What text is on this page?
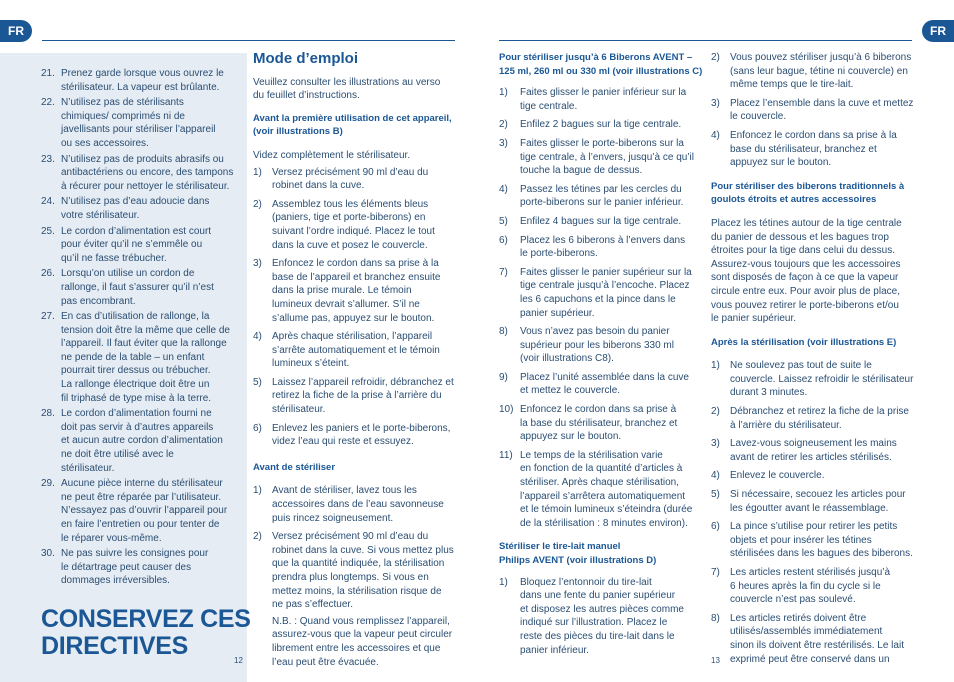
FR	FR
21. Prenez garde lorsque vous ouvrez le
stérilisateur. La vapeur est brûlante.
22. N’utilisez pas de stérilisants
chimiques/ comprimés ni de
javellisants pour stériliser l’appareil
ou ses accessoires.
23. N’utilisez pas de produits abrasifs ou
antibactériens ou encore, des tampons
à récurer pour nettoyer le stérilisateur.
24. N’utilisez pas d’eau adoucie dans
votre stérilisateur.
25. Le cordon d’alimentation est court
pour éviter qu’il ne s’emmêle ou
qu’il ne fasse trébucher.
26. Lorsqu’on utilise un cordon de
rallonge, il faut s’assurer qu’il n’est
pas encombrant.
27. En cas d’utilisation de rallonge, la
tension doit être la même que celle de
l’appareil. Il faut éviter que la rallonge
ne pende de la table – un enfant
pourrait tirer dessus ou trébucher.
La rallonge électrique doit être un
fil triphasé de type mise à la terre.
28. Le cordon d’alimentation fourni ne
doit pas servir à d’autres appareils
et aucun autre cordon d’alimentation
ne doit être utilisé avec le
stérilisateur.
29. Aucune pièce interne du stérilisateur
ne peut être réparée par l’utilisateur.
N’essayez pas d’ouvrir l’appareil pour
en faire l’entretien ou pour tenter de
le réparer vous-même.
30. Ne pas suivre les consignes pour
le détartrage peut causer des
dommages irréversibles.
CONSERVEZ CES
DIRECTIVES
12	13
Mode d’emploi
Veuillez consulter les illustrations au verso
du feuillet d’instructions.
Avant la première utilisation de cet appareil,
(voir illustrations B)
Videz complètement le stérilisateur.
1) Versez précisément 90 ml d’eau du
robinet dans la cuve.
2) Assemblez tous les éléments bleus
(paniers, tige et porte-biberons) en
suivant l’ordre indiqué. Placez le tout
dans la cuve et posez le couvercle.
3) Enfoncez le cordon dans sa prise à la
base de l’appareil et branchez ensuite
dans la prise murale. Le témoin
lumineux devrait s’allumer. S’il ne
s’allume pas, appuyez sur le bouton.
4) Après chaque stérilisation, l’appareil
s’arrête automatiquement et le témoin
lumineux s’éteint.
5) Laissez l’appareil refroidir, débranchez et
retirez la fiche de la prise à l’arrière du
stérilisateur.
6) Enlevez les paniers et le porte-biberons,
videz l’eau qui reste et essuyez.
Avant de stériliser
1) Avant de stériliser, lavez tous les
accessoires dans de l’eau savonneuse
puis rincez soigneusement.
2) Versez précisément 90 ml d’eau du
robinet dans la cuve. Si vous mettez plus
que la quantité indiquée, la stérilisation
prendra plus longtemps. Si vous en
mettez moins, la stérilisation risque de
ne pas s’effectuer.
N.B. : Quand vous remplissez l’appareil,
assurez-vous que la vapeur peut circuler
librement entre les accessoires et que
l’eau peut être évacuée.
Pour stériliser jusqu’à 6 Biberons AVENT –
125 ml, 260 ml ou 330 ml (voir illustrations C)
1) Faites glisser le panier inférieur sur la
tige centrale.
2) Enfilez 2 bagues sur la tige centrale.
3) Faites glisser le porte-biberons sur la
tige centrale, à l’envers, jusqu’à ce qu’il
touche la bague de dessus.
4) Passez les tétines par les cercles du
porte-biberons sur le panier inférieur.
5) Enfilez 4 bagues sur la tige centrale.
6) Placez les 6 biberons à l’envers dans
le porte-biberons.
7) Faites glisser le panier supérieur sur la
tige centrale jusqu’à l’encoche. Placez
les 6 capuchons et la pince dans le
panier supérieur.
8) Vous n’avez pas besoin du panier
supérieur pour les biberons 330 ml
(voir illustrations C8).
9) Placez l’unité assemblée dans la cuve
et mettez le couvercle.
10) Enfoncez le cordon dans sa prise à
la base du stérilisateur, branchez et
appuyez sur le bouton.
11) Le temps de la stérilisation varie
en fonction de la quantité d’articles à
stériliser. Après chaque stérilisation,
l’appareil s’arrêtera automatiquement
et le témoin lumineux s’éteindra (durée
de la stérilisation : 8 minutes environ).
Stériliser le tire-lait manuel
Philips AVENT (voir illustrations D)
1) Bloquez l’entonnoir du tire-lait
dans une fente du panier supérieur
et disposez les autres pièces comme
indiqué sur l’illustration. Placez le
reste des pièces du tire-lait dans le
panier inférieur.
2) Vous pouvez stériliser jusqu’à 6 biberons
(sans leur bague, tétine ni couvercle) en
même temps que le tire-lait.
3) Placez l’ensemble dans la cuve et mettez
le couvercle.
4) Enfoncez le cordon dans sa prise à la
base du stérilisateur, branchez et
appuyez sur le bouton.
Pour stériliser des biberons traditionnels à
goulots étroits et autres accessoires
Placez les tétines autour de la tige centrale
du panier de dessous et les bagues trop
étroites pour la tige dans celui du dessus.
Assurez-vous toujours que les accessoires
sont disposés de façon à ce que la vapeur
circule entre eux. Pour avoir plus de place,
vous pouvez retirer le porte-biberons et/ou
le panier supérieur.
Après la stérilisation (voir illustrations E)
1) Ne soulevez pas tout de suite le
couvercle. Laissez refroidir le stérilisateur
durant 3 minutes.
2) Débranchez et retirez la fiche de la prise
à l’arrière du stérilisateur.
3) Lavez-vous soigneusement les mains
avant de retirer les articles stérilisés.
4) Enlevez le couvercle.
5) Si nécessaire, secouez les articles pour
les égoutter avant le réassemblage.
6) La pince s’utilise pour retirer les petits
objets et pour insérer les tétines
stérilisées dans les bagues des biberons.
7) Les articles restent stérilisés jusqu’à
6 heures après la fin du cycle si le
couvercle n’est pas soulevé.
8) Les articles retirés doivent être
utilisés/assemblés immédiatement
sinon ils doivent être restérilisés. Le lait
exprimé peut être conservé dans un
